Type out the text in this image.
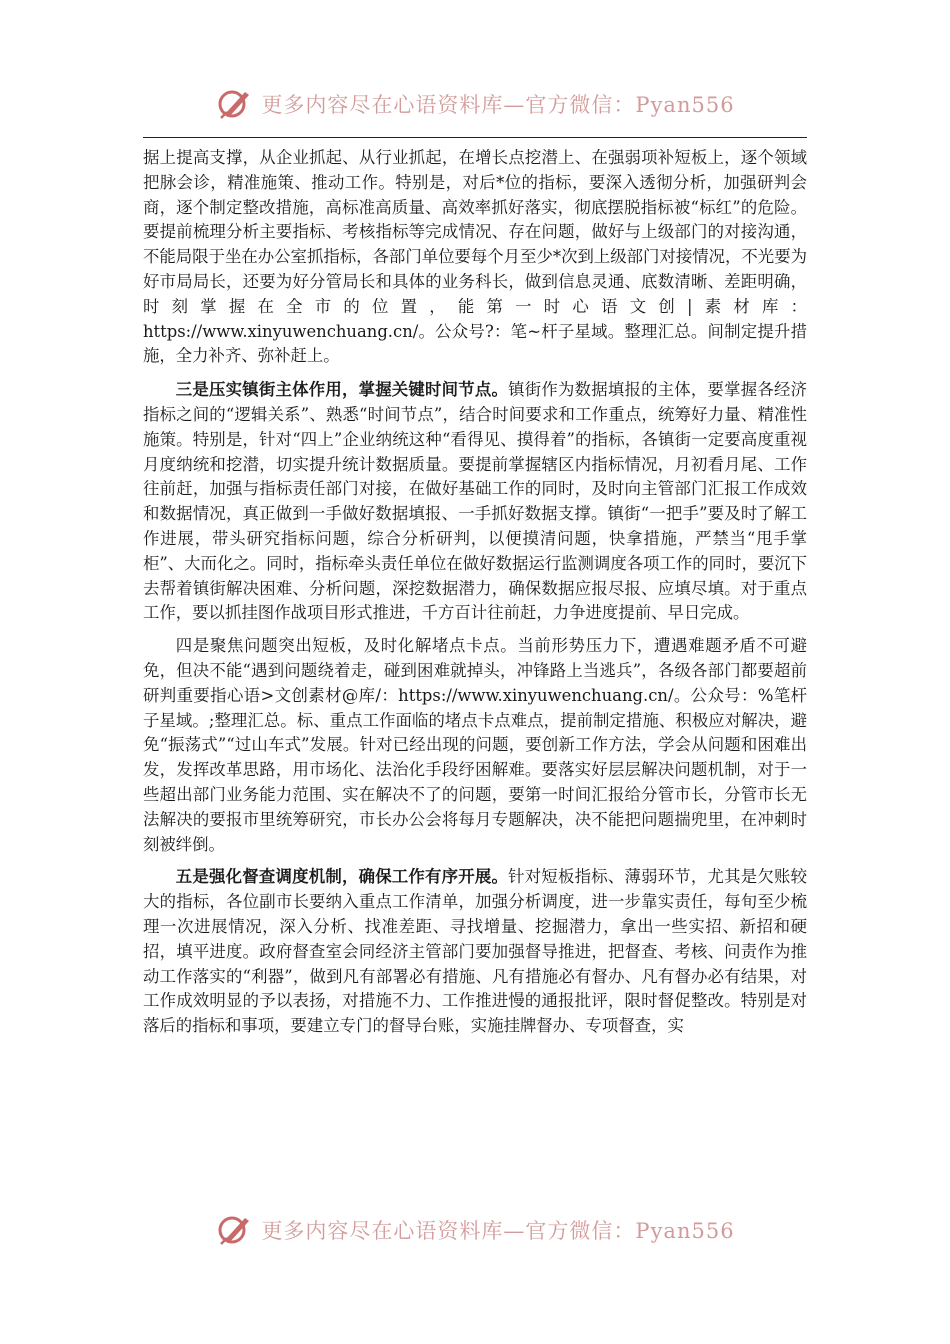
更多内容尽在心语资料库—官方微信：Pyan556

据上提高支撑，从企业抓起、从行业抓起，在增长点挖潜上、在强弱项补短板上，逐个领域把脉会诊，精准施策、推动工作。特别是，对后*位的指标，要深入透彻分析，加强研判会商，逐个制定整改措施，高标准高质量、高效率抓好落实，彻底摆脱指标被“标红”的危险。要提前梳理分析主要指标、考核指标等完成情况、存在问题，做好与上级部门的对接沟通，不能局限于坐在办公室抓指标，各部门单位要每个月至少*次到上级部门对接情况，不光要为好市局局长，还要为好分管局长和具体的业务科长，做到信息灵通、底数清晰、差距明确，时刻掌握在全市的位置，能第一时心语文创|素材库：https://www.xinyuwenchuang.cn/。公众号?：笔~杆子星域。整理汇总。间制定提升措施，全力补齐、弥补赶上。

三是压实镇街主体作用，掌握关键时间节点。镇街作为数据填报的主体，要掌握各经济指标之间的“逻辑关系”、熟悉“时间节点”，结合时间要求和工作重点，统筹好力量、精准性施策。特别是，针对“四上”企业纳统这种“看得见、摸得着”的指标，各镇街一定要高度重视月度纳统和挖潜，切实提升统计数据质量。要提前掌握辖区内指标情况，月初看月尾、工作往前赶，加强与指标责任部门对接，在做好基础工作的同时，及时向主管部门汇报工作成效和数据情况，真正做到一手做好数据填报、一手抓好数据支撑。镇街“一把手”要及时了解工作进展，带头研究指标问题，综合分析研判，以便摸清问题，快拿措施，严禁当“甩手掌柜”、大而化之。同时，指标牵头责任单位在做好数据运行监测调度各项工作的同时，要沉下去帮着镇街解决困难、分析问题，深挖数据潜力，确保数据应报尽报、应填尽填。对于重点工作，要以抓挂图作战项目形式推进，千方百计往前赶，力争进度提前、早日完成。

四是聚焦问题突出短板，及时化解堵点卡点。当前形势压力下，遭遇难题矛盾不可避免，但决不能“遇到问题绕着走，碰到困难就掉头，冲锋路上当逃兵”，各级各部门都要超前研判重要指心语>文创素材@库/：https://www.xinyuwenchuang.cn/。公众号：%笔杆子星域。;整理汇总。标、重点工作面临的堵点卡点难点，提前制定措施、积极应对解决，避免“振荡式”“过山车式”发展。针对已经出现的问题，要创新工作方法，学会从问题和困难出发，发挥改革思路，用市场化、法治化手段纾困解难。要落实好层层解决问题机制，对于一些超出部门业务能力范围、实在解决不了的问题，要第一时间汇报给分管市长，分管市长无法解决的要报市里统筹研究，市长办公会将每月专题解决，决不能把问题揣兜里，在冲刺时刻被绊倒。

五是强化督查调度机制，确保工作有序开展。针对短板指标、薄弱环节，尤其是欠账较大的指标，各位副市长要纳入重点工作清单，加强分析调度，进一步靠实责任，每旬至少梳理一次进展情况，深入分析、找准差距、寻找增量、挖掘潜力，拿出一些实招、新招和硬招，填平进度。政府督查室会同经济主管部门要加强督导推进，把督查、考核、问责作为推动工作落实的“利器”，做到凡有部署必有措施、凡有措施必有督办、凡有督办必有结果，对工作成效明显的予以表扬，对措施不力、工作推进慢的通报批评，限时督促整改。特别是对落后的指标和事项，要建立专门的督导台账，实施挂牌督办、专项督查，实

更多内容尽在心语资料库—官方微信：Pyan556
